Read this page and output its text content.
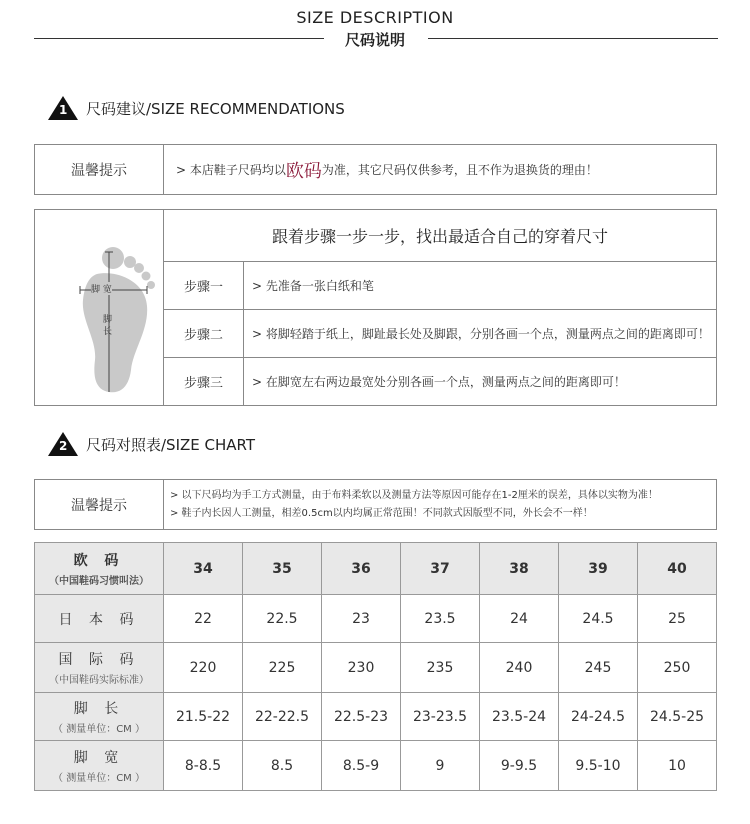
SIZE DESCRIPTION
尺码说明
1 尺码建议/SIZE RECOMMENDATIONS
温馨提示	> 本店鞋子尺码均以 欧码 为准，其它尺码仅供参考，且不作为退换货的理由！
脚 宽
脚 长
跟着步骤一步一步，找出最适合自己的穿着尺寸
步骤一	> 先准备一张白纸和笔
步骤二	> 将脚轻踏于纸上，脚趾最长处及脚跟，分别各画一个点，测量两点之间的距离即可！
步骤三	> 在脚宽左右两边最宽处分别各画一个点，测量两点之间的距离即可！
2 尺码对照表/SIZE CHART
温馨提示
> 以下尺码均为手工方式测量，由于布料柔软以及测量方法等原因可能存在1-2厘米的误差，具体以实物为准！
> 鞋子内长因人工测量，相差0.5cm以内均属正常范围！不同款式因版型不同，外长会不一样！
欧 码
（中国鞋码习惯叫法）	34	35	36	37	38	39	40

日 本 码	22	22.5	23	23.5	24	24.5	25

国 际 码
（中国鞋码实际标准）	220	225	230	235	240	245	250

脚 长
（ 测量单位：CM ）	21.5-22	22-22.5	22.5-23	23-23.5	23.5-24	24-24.5	24.5-25

脚 宽
（ 测量单位：CM ）	8-8.5	8.5	8.5-9	9	9-9.5	9.5-10	10
